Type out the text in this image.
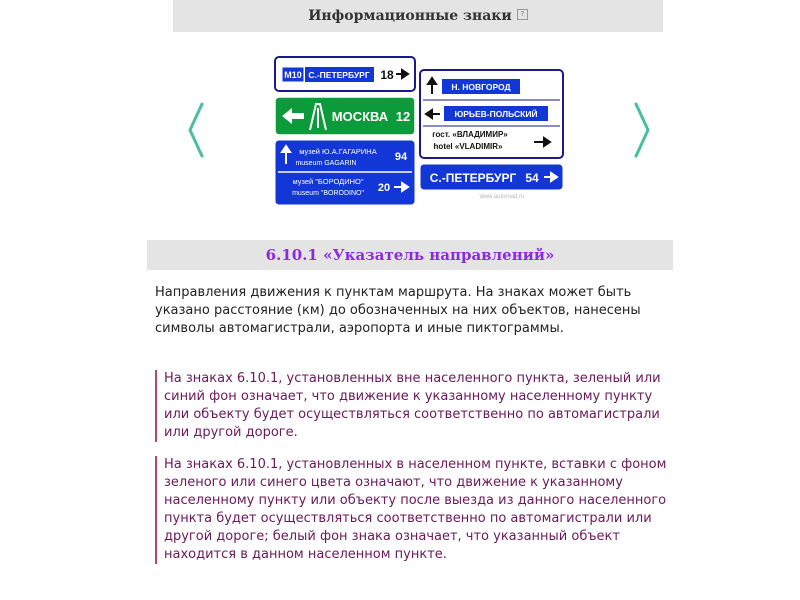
Информационные знаки	?
M10 С.-ПЕТЕРБУРГ 18
МОСКВА 12
музей Ю.А.ГАГАРИНА
museum GAGARIN
94
музей "БОРОДИНО"
museum "BORODINO" 20
Н. НОВГОРОД
ЮРЬЕВ-ПОЛЬСКИЙ
гост. «ВЛАДИМИР»
hotel «VLADIMIR»
С.-ПЕТЕРБУРГ 54
www.autoroad.ru
6.10.1 «Указатель направлений»

Направления движения к пунктам маршрута. На знаках может быть указано расстояние (км) до обозначенных на них объектов, нанесены символы автомагистрали, аэропорта и иные пиктограммы.

На знаках 6.10.1, установленных вне населенного пункта, зеленый или синий фон означает, что движение к указанному населенному пункту или объекту будет осуществляться соответственно по автомагистрали или другой дороге.

На знаках 6.10.1, установленных в населенном пункте, вставки с фоном зеленого или синего цвета означают, что движение к указанному населенному пункту или объекту после выезда из данного населенного пункта будет осуществляться соответственно по автомагистрали или другой дороге; белый фон знака означает, что указанный объект находится в данном населенном пункте.
